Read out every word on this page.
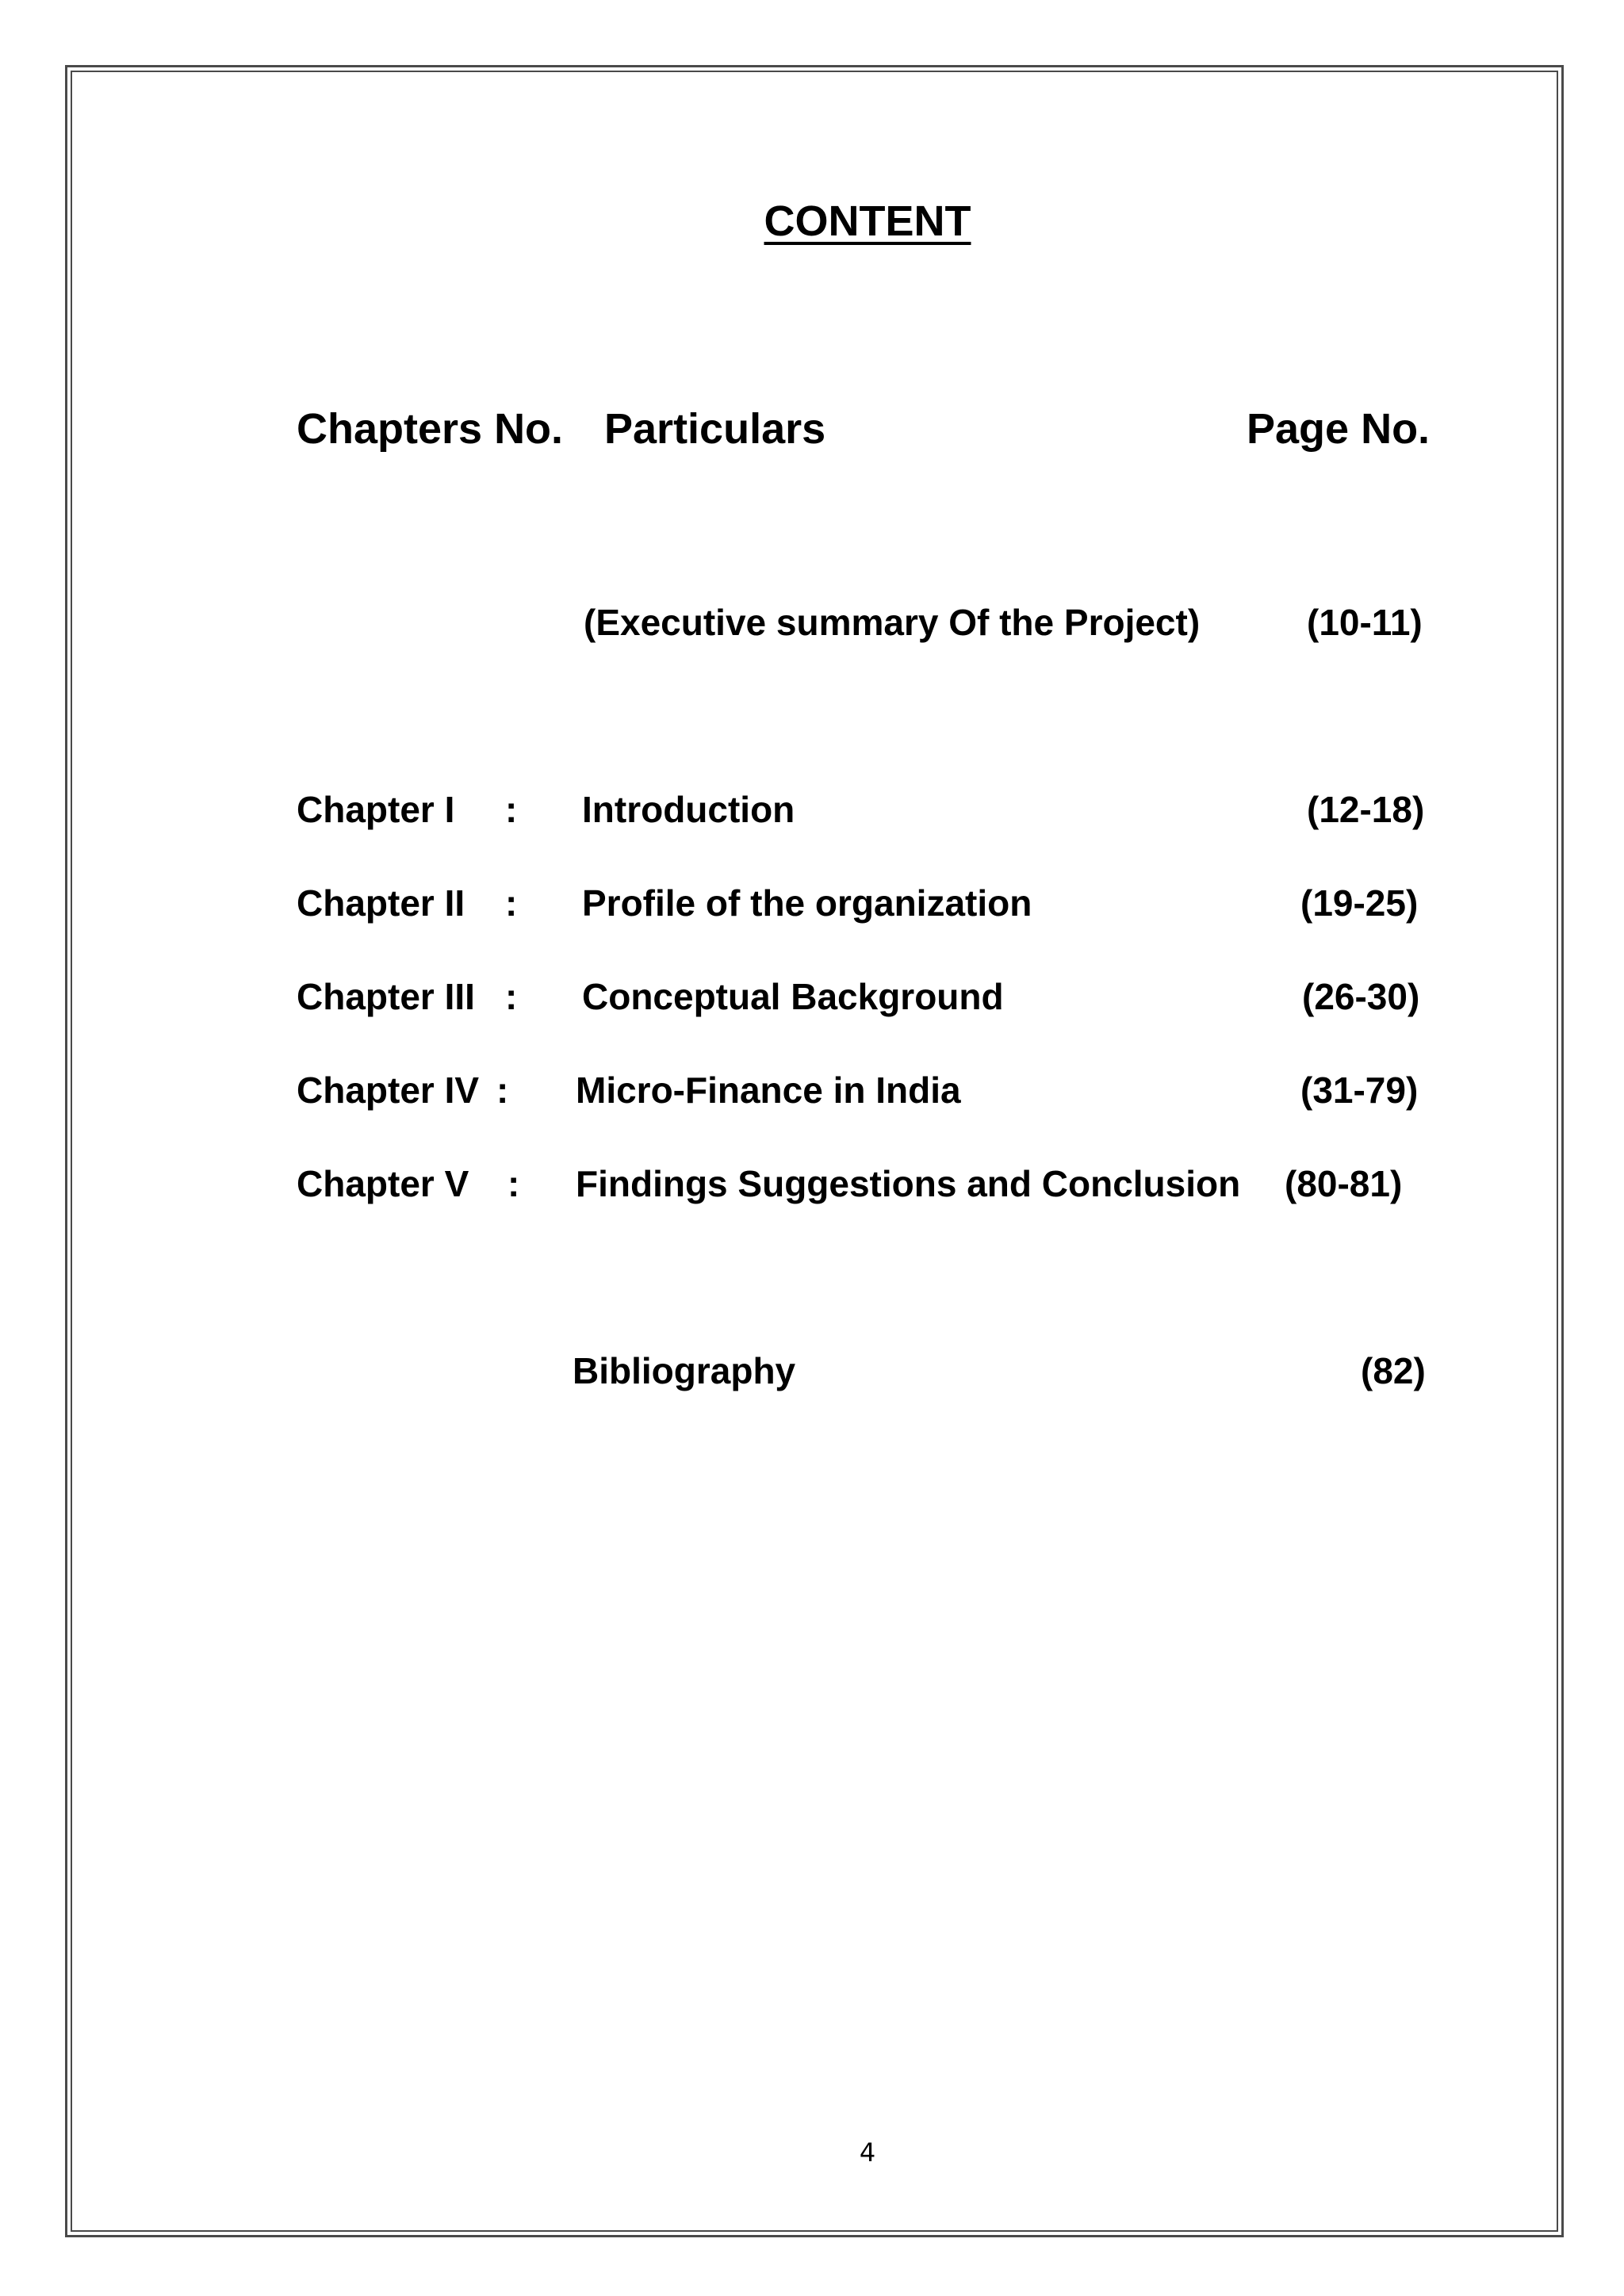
CONTENT
Chapters No. Particulars	Page No.
(Executive summary Of the Project)	(10-11)
Chapter I : Introduction	(12-18)
Chapter II : Profile of the organization	(19-25)
Chapter III : Conceptual Background	(26-30)
Chapter IV : Micro-Finance in India	(31-79)
Chapter V : Findings Suggestions and Conclusion (80-81)
Bibliography	(82)
4
